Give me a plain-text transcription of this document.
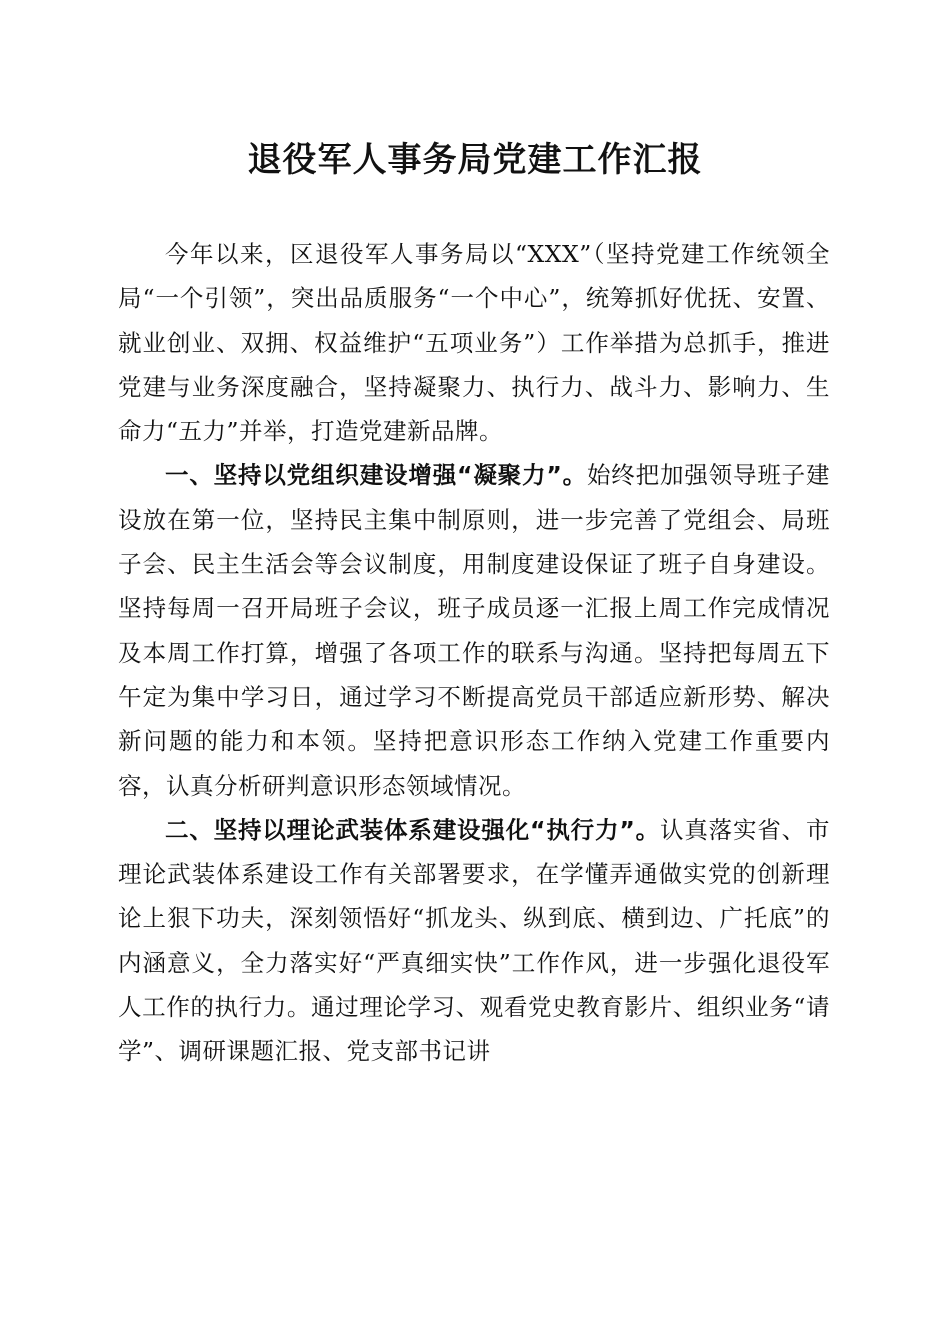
退役军人事务局党建工作汇报

今年以来，区退役军人事务局以“XXX”（坚持党建工作统领全局“一个引领”，突出品质服务“一个中心”，统筹抓好优抚、安置、就业创业、双拥、权益维护“五项业务”）工作举措为总抓手，推进党建与业务深度融合，坚持凝聚力、执行力、战斗力、影响力、生命力“五力”并举，打造党建新品牌。

一、坚持以党组织建设增强“凝聚力”。始终把加强领导班子建设放在第一位，坚持民主集中制原则，进一步完善了党组会、局班子会、民主生活会等会议制度，用制度建设保证了班子自身建设。坚持每周一召开局班子会议，班子成员逐一汇报上周工作完成情况及本周工作打算，增强了各项工作的联系与沟通。坚持把每周五下午定为集中学习日，通过学习不断提高党员干部适应新形势、解决新问题的能力和本领。坚持把意识形态工作纳入党建工作重要内容，认真分析研判意识形态领域情况。

二、坚持以理论武装体系建设强化“执行力”。认真落实省、市理论武装体系建设工作有关部署要求，在学懂弄通做实党的创新理论上狠下功夫，深刻领悟好“抓龙头、纵到底、横到边、广托底”的内涵意义，全力落实好“严真细实快”工作作风，进一步强化退役军人工作的执行力。通过理论学习、观看党史教育影片、组织业务“请学”、调研课题汇报、党支部书记讲
